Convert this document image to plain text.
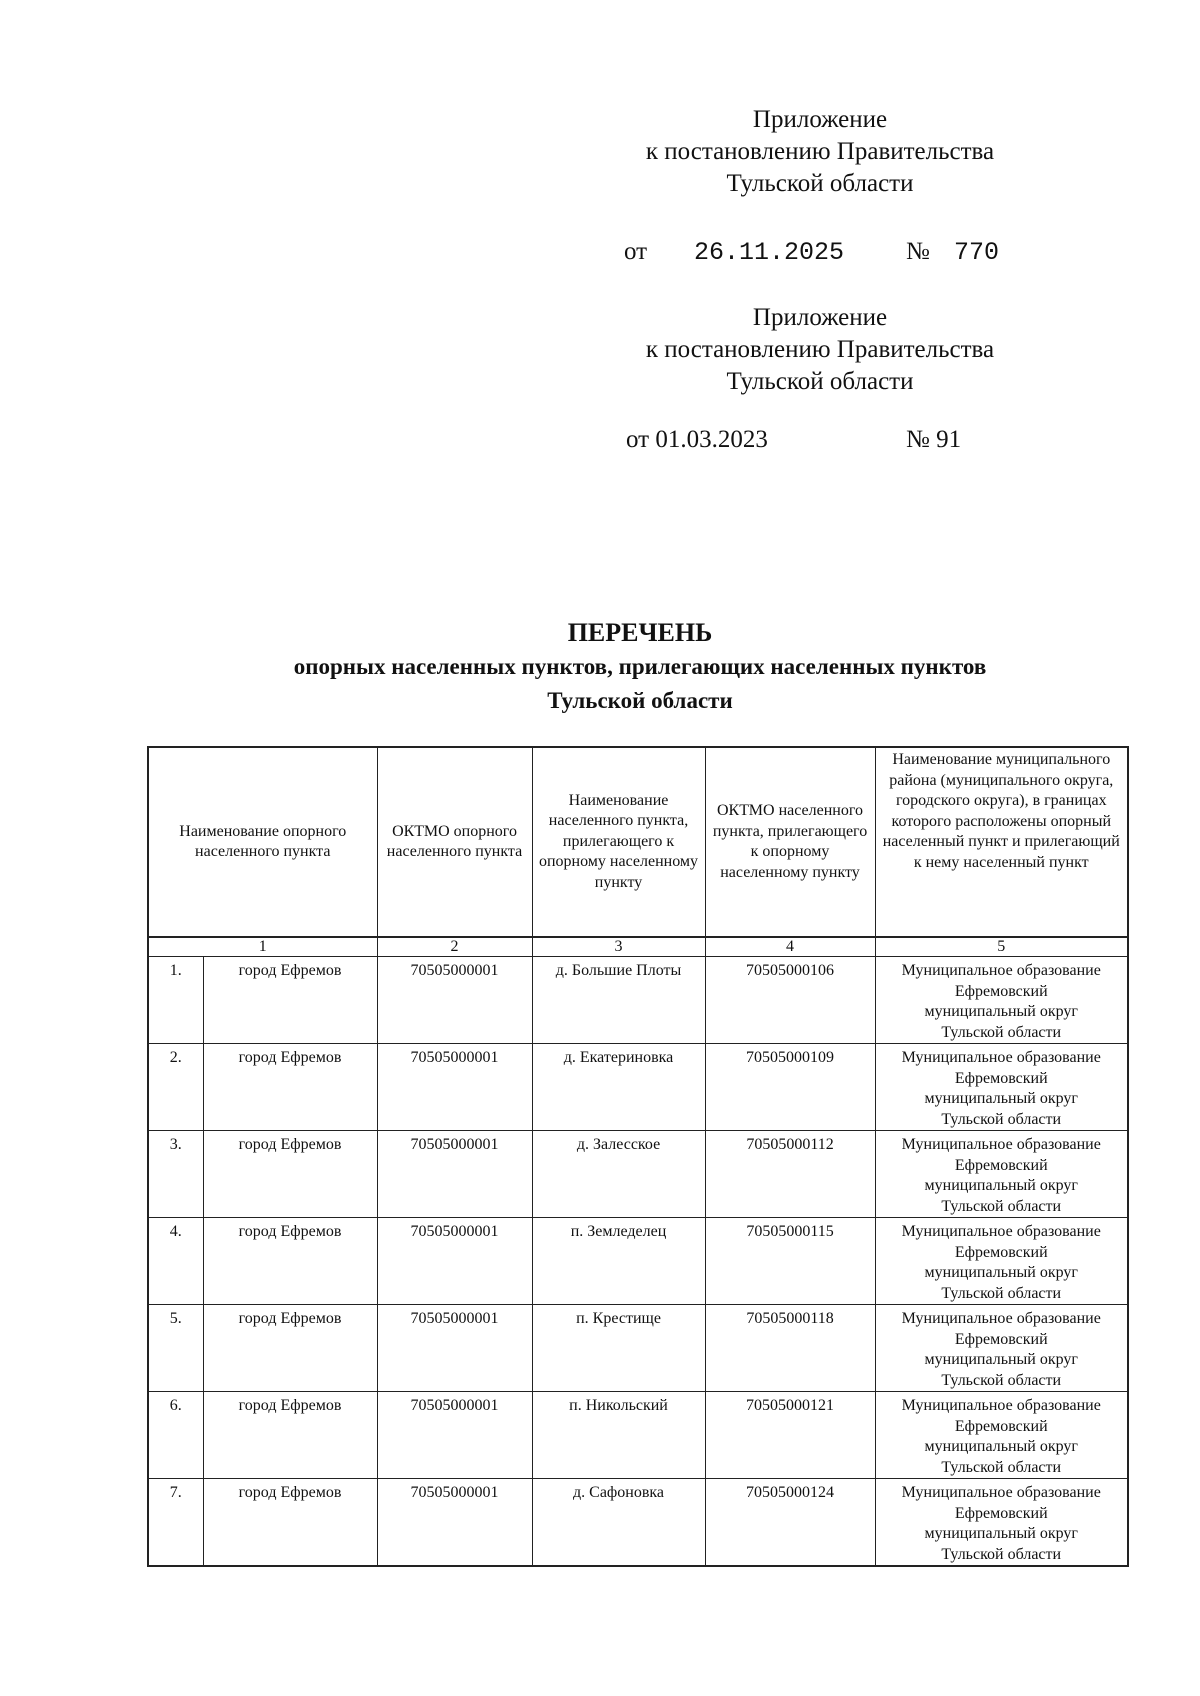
Приложение
к постановлению Правительства
Тульской области
от 26.11.2025 № 770
Приложение
к постановлению Правительства
Тульской области
от 01.03.2023	№ 91
ПЕРЕЧЕНЬ
опорных населенных пунктов, прилегающих населенных пунктов
Тульской области
Наименование опорного населенного пункта		ОКТМО опорного населенного пункта	Наименование населенного пункта, прилегающего к опорному населенному пункту	ОКТМО населенного пункта, прилегающего к опорному населенному пункту	Наименование муниципального района (муниципального округа, городского округа), в границах которого расположены опорный населенный пункт и прилегающий к нему населенный пункт
1		2	3	4	5
1.	город Ефремов	70505000001	д. Большие Плоты	70505000106	Муниципальное образование
Ефремовский
муниципальный округ
Тульской области

2.	город Ефремов	70505000001	д. Екатериновка	70505000109	Муниципальное образование
Ефремовский
муниципальный округ
Тульской области

3.	город Ефремов	70505000001	д. Залесское	70505000112	Муниципальное образование
Ефремовский
муниципальный округ
Тульской области

4.	город Ефремов	70505000001	п. Земледелец	70505000115	Муниципальное образование
Ефремовский
муниципальный округ
Тульской области

5.	город Ефремов	70505000001	п. Крестище	70505000118	Муниципальное образование
Ефремовский
муниципальный округ
Тульской области

6.	город Ефремов	70505000001	п. Никольский	70505000121	Муниципальное образование
Ефремовский
муниципальный округ
Тульской области

7.	город Ефремов	70505000001	д. Сафоновка	70505000124	Муниципальное образование
Ефремовский
муниципальный округ
Тульской области
